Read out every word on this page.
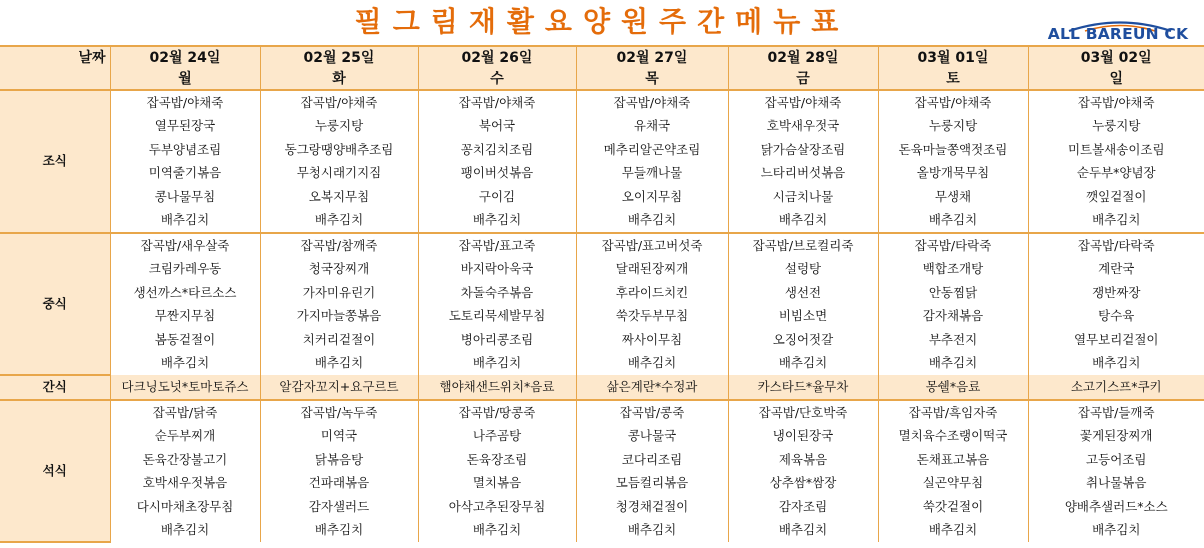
필그림재활요양원주간메뉴표	ALL BAREUN CK
날짜	02월 24일	02월 25일	02월 26일	02월 27일	02월 28일	03월 01일	03월 02일
	월	화	수	목	금	토	일
조식	잡곡밥/야채죽	잡곡밥/야채죽	잡곡밥/야채죽	잡곡밥/야채죽	잡곡밥/야채죽	잡곡밥/야채죽	잡곡밥/야채죽
	열무된장국	누룽지탕	북어국	유채국	호박새우젓국	누룽지탕	누룽지탕
	두부양념조림	동그랑땡양배추조림	꽁치김치조림	메추리알곤약조림	닭가슴살장조림	돈육마늘쫑액젓조림	미트볼새송이조림
	미역줄기볶음	무청시래기지짐	팽이버섯볶음	무들깨나물	느타리버섯볶음	올방개묵무침	순두부*양념장
	콩나물무침	오복지무침	구이김	오이지무침	시금치나물	무생채	깻잎겉절이
	배추김치	배추김치	배추김치	배추김치	배추김치	배추김치	배추김치
중식	잡곡밥/새우살죽	잡곡밥/참깨죽	잡곡밥/표고죽	잡곡밥/표고버섯죽	잡곡밥/브로컬리죽	잡곡밥/타락죽	잡곡밥/타락죽
	크림카레우동	청국장찌개	바지락아욱국	달래된장찌개	설렁탕	백합조개탕	계란국
	생선까스*타르소스	가자미유린기	차돌숙주볶음	후라이드치킨	생선전	안동찜닭	쟁반짜장
	무짠지무침	가지마늘쫑볶음	도토리묵세발무침	쑥갓두부무침	비빔소면	감자채볶음	탕수육
	봄동겉절이	치커리겉절이	병아리콩조림	짜사이무침	오징어젓갈	부추전지	열무보리겉절이
	배추김치	배추김치	배추김치	배추김치	배추김치	배추김치	배추김치
간식	다크닝도넛*토마토쥬스	알감자꼬지+요구르트	햄야채샌드위치*음료	삶은계란*수정과	카스타드*율무차	몽쉘*음료	소고기스프*쿠키
석식	잡곡밥/닭죽	잡곡밥/녹두죽	잡곡밥/땅콩죽	잡곡밥/콩죽	잡곡밥/단호박죽	잡곡밥/흑임자죽	잡곡밥/들깨죽
	순두부찌개	미역국	나주곰탕	콩나물국	냉이된장국	멸치육수조랭이떡국	꽃게된장찌개
	돈육간장불고기	닭볶음탕	돈육장조림	코다리조림	제육볶음	돈채표고볶음	고등어조림
	호박새우젓볶음	건파래볶음	멸치볶음	모듬컬리볶음	상추쌈*쌈장	실곤약무침	취나물볶음
	다시마채초장무침	감자샐러드	아삭고추된장무침	청경채겉절이	감자조림	쑥갓겉절이	양배추샐러드*소스
	배추김치	배추김치	배추김치	배추김치	배추김치	배추김치	배추김치
